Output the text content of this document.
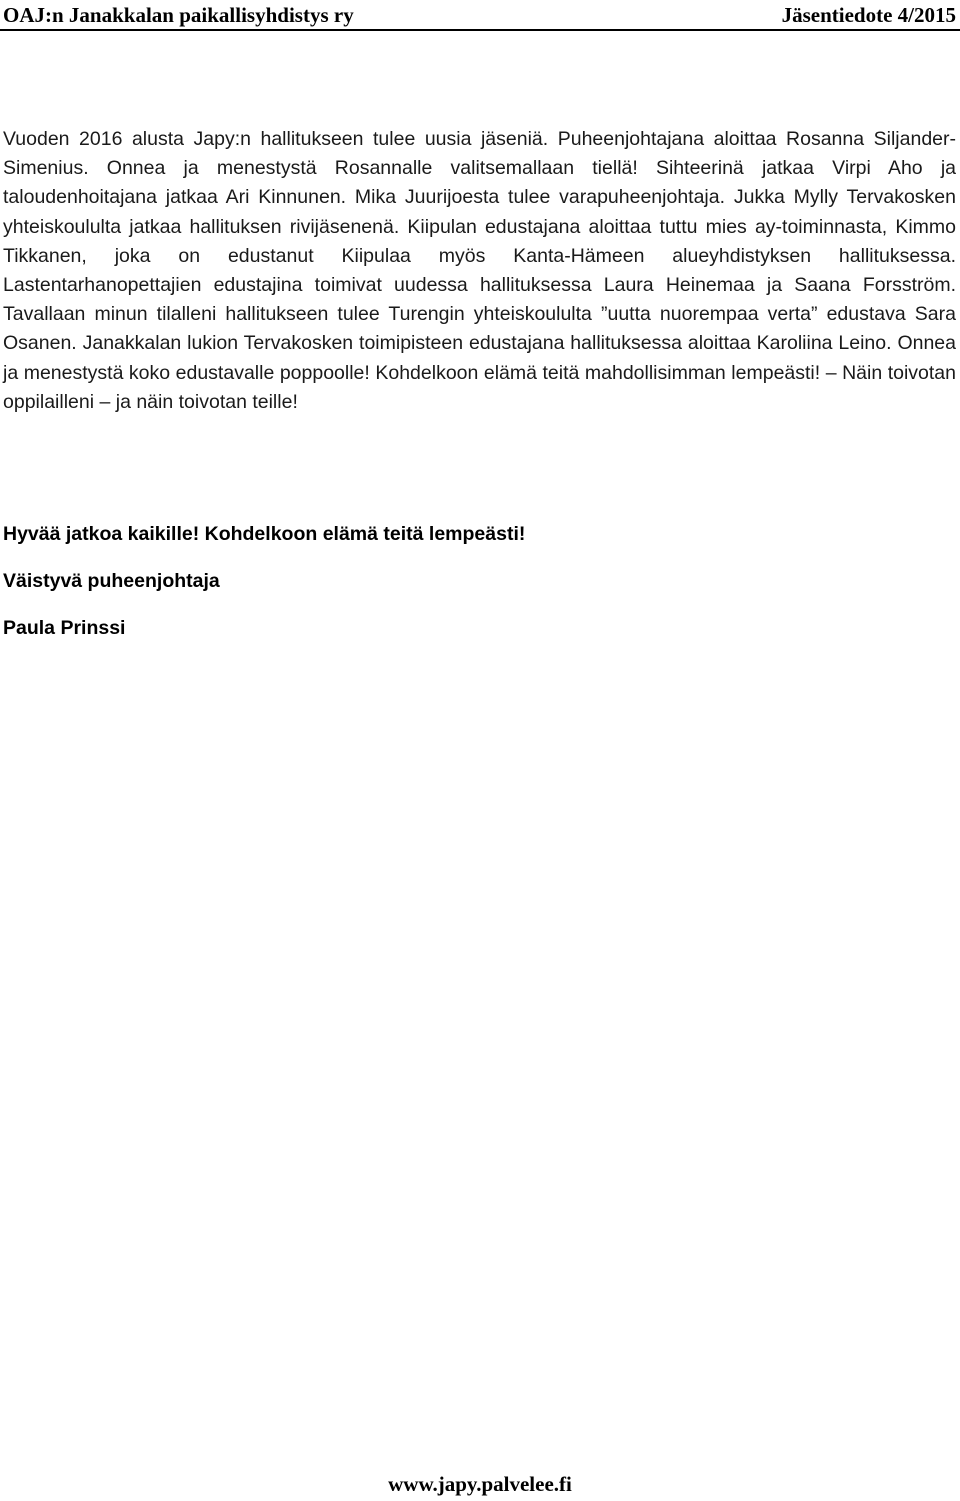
OAJ:n Janakkalan paikallisyhdistys ry	Jäsentiedote 4/2015
Vuoden 2016 alusta Japy:n hallitukseen tulee uusia jäseniä. Puheenjohtajana aloittaa Rosanna Siljander-Simenius. Onnea ja menestystä Rosannalle valitsemallaan tiellä! Sihteerinä jatkaa Virpi Aho ja taloudenhoitajana jatkaa Ari Kinnunen. Mika Juurijoesta tulee varapuheenjohtaja. Jukka Mylly Tervakosken yhteiskoululta jatkaa hallituksen rivijäsenenä. Kiipulan edustajana aloittaa tuttu mies ay-toiminnasta, Kimmo Tikkanen, joka on edustanut Kiipulaa myös Kanta-Hämeen alueyhdistyksen hallituksessa. Lastentarhanopettajien edustajina toimivat uudessa hallituksessa Laura Heinemaa ja Saana Forsström. Tavallaan minun tilalleni hallitukseen tulee Turengin yhteiskoululta ”uutta nuorempaa verta” edustava Sara Osanen. Janakkalan lukion Tervakosken toimipisteen edustajana hallituksessa aloittaa Karoliina Leino. Onnea ja menestystä koko edustavalle poppoolle! Kohdelkoon elämä teitä mahdollisimman lempeästi! – Näin toivotan oppilailleni – ja näin toivotan teille!
Hyvää jatkoa kaikille! Kohdelkoon elämä teitä lempeästi!
Väistyvä puheenjohtaja
Paula Prinssi
www.japy.palvelee.fi
